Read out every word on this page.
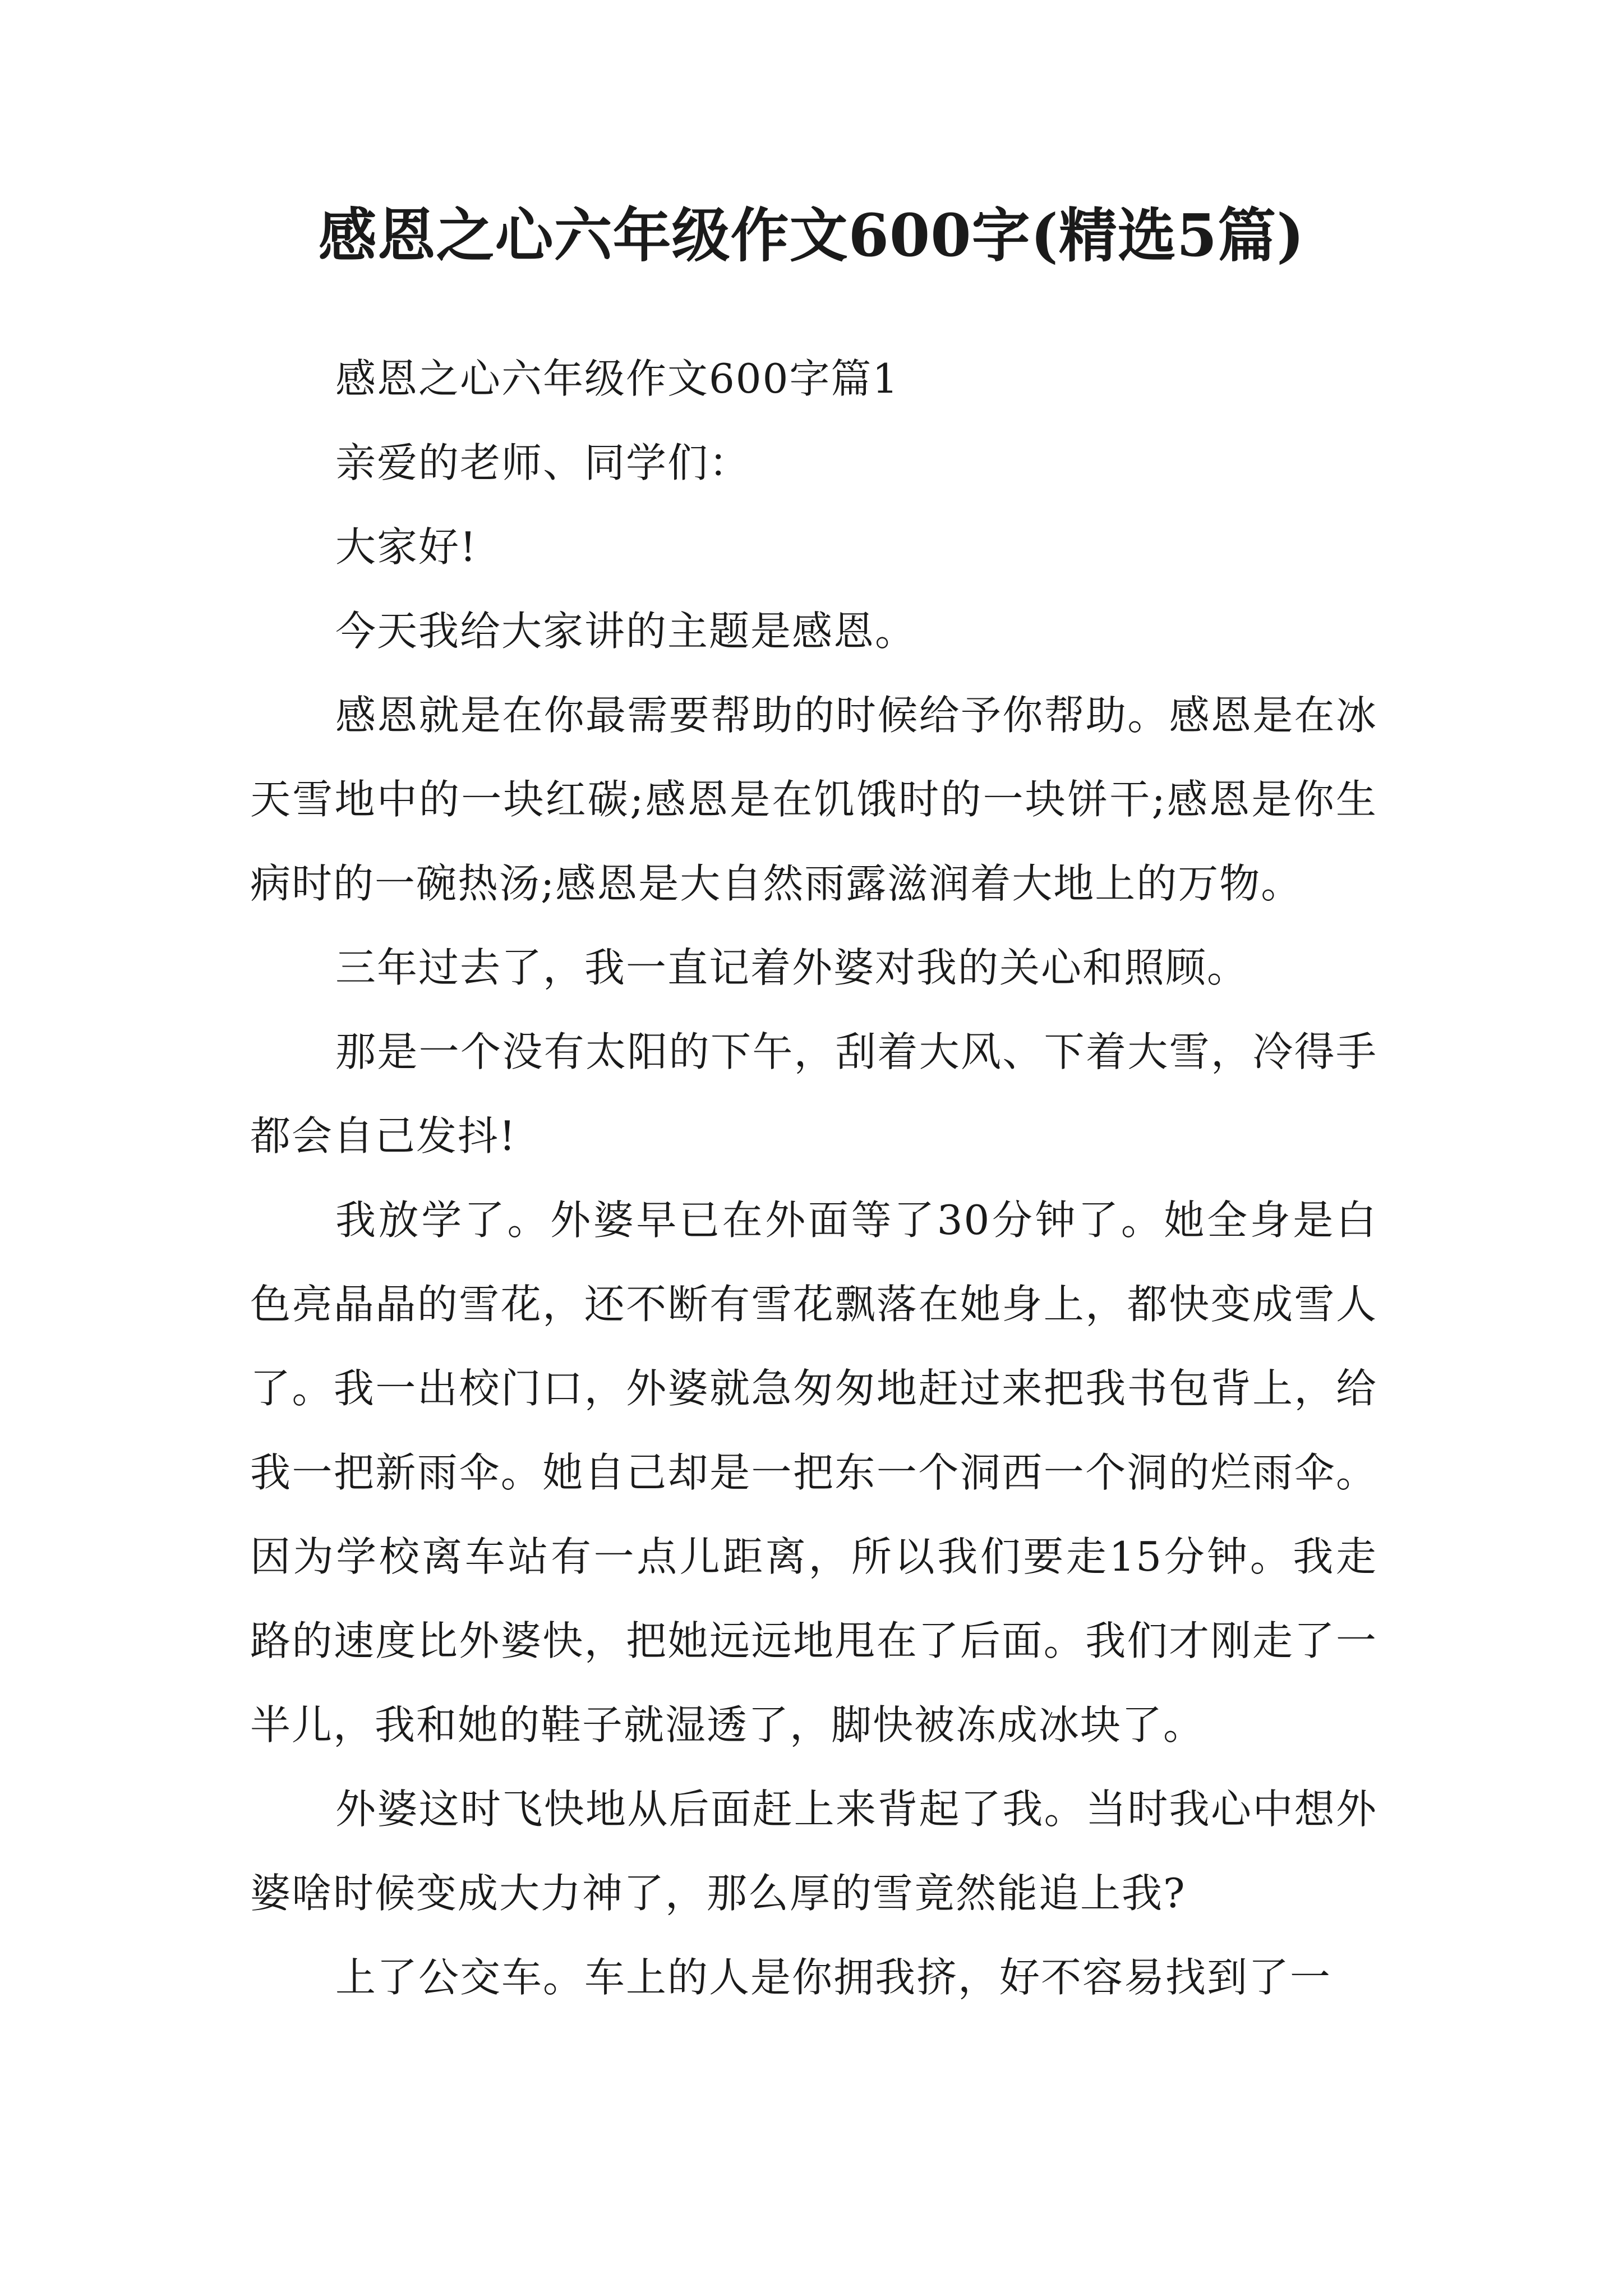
感恩之心六年级作文600字(精选5篇)

感恩之心六年级作文600字篇1

亲爱的老师、同学们：

大家好!

今天我给大家讲的主题是感恩。

感恩就是在你最需要帮助的时候给予你帮助。感恩是在冰天雪地中的一块红碳;感恩是在饥饿时的一块饼干;感恩是你生病时的一碗热汤;感恩是大自然雨露滋润着大地上的万物。

三年过去了，我一直记着外婆对我的关心和照顾。

那是一个没有太阳的下午，刮着大风、下着大雪，冷得手都会自己发抖!

我放学了。外婆早已在外面等了30分钟了。她全身是白色亮晶晶的雪花，还不断有雪花飘落在她身上，都快变成雪人了。我一出校门口，外婆就急匆匆地赶过来把我书包背上，给我一把新雨伞。她自己却是一把东一个洞西一个洞的烂雨伞。因为学校离车站有一点儿距离，所以我们要走15分钟。我走路的速度比外婆快，把她远远地甩在了后面。我们才刚走了一半儿，我和她的鞋子就湿透了，脚快被冻成冰块了。

外婆这时飞快地从后面赶上来背起了我。当时我心中想外婆啥时候变成大力神了，那么厚的雪竟然能追上我?

上了公交车。车上的人是你拥我挤，好不容易找到了一
